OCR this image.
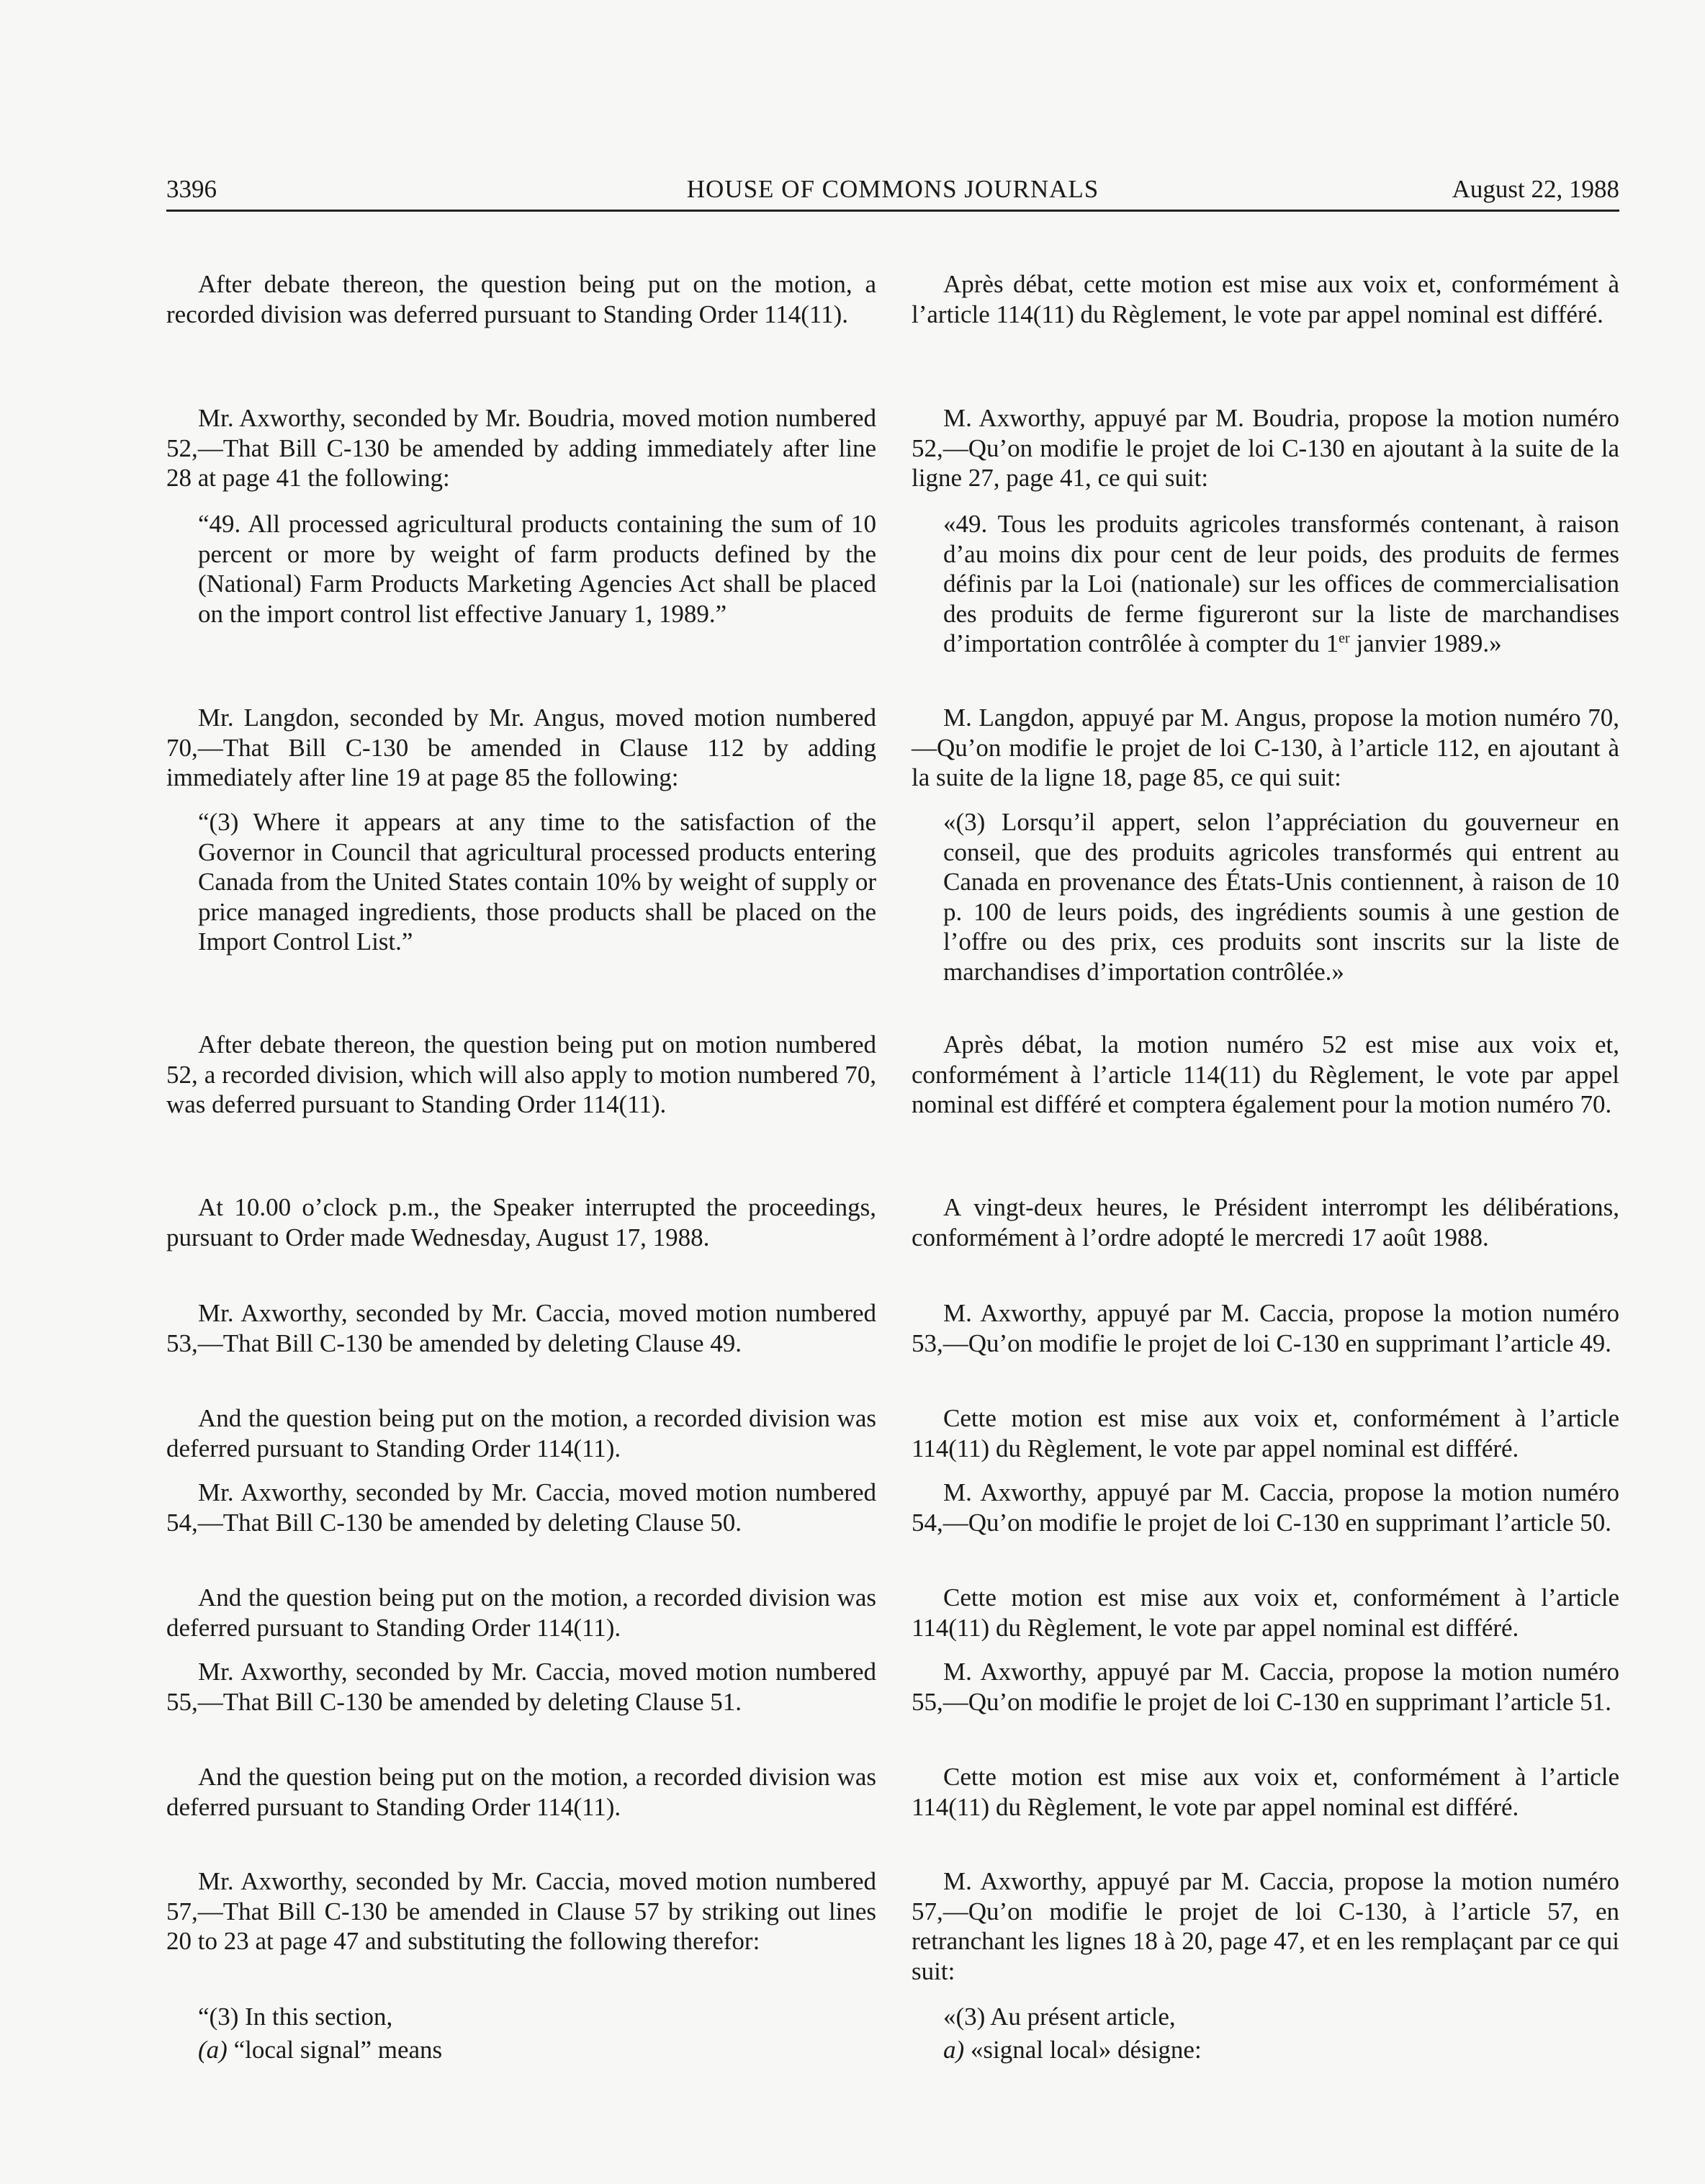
3396	HOUSE OF COMMONS JOURNALS	August 22, 1988

After debate thereon, the question being put on the motion, a recorded division was deferred pursuant to Standing Order 114(11).

Mr. Axworthy, seconded by Mr. Boudria, moved motion numbered 52,—That Bill C-130 be amended by adding immediately after line 28 at page 41 the following:

“49. All processed agricultural products containing the sum of 10 percent or more by weight of farm products defined by the (National) Farm Products Marketing Agencies Act shall be placed on the import control list effective January 1, 1989.”

Mr. Langdon, seconded by Mr. Angus, moved motion numbered 70,—That Bill C-130 be amended in Clause 112 by adding immediately after line 19 at page 85 the following:

“(3) Where it appears at any time to the satisfaction of the Governor in Council that agricultural processed products entering Canada from the United States contain 10% by weight of supply or price managed ingredients, those products shall be placed on the Import Control List.”

After debate thereon, the question being put on motion numbered 52, a recorded division, which will also apply to motion numbered 70, was deferred pursuant to Standing Order 114(11).

At 10.00 o’clock p.m., the Speaker interrupted the proceedings, pursuant to Order made Wednesday, August 17, 1988.

Mr. Axworthy, seconded by Mr. Caccia, moved motion numbered 53,—That Bill C-130 be amended by deleting Clause 49.

And the question being put on the motion, a recorded division was deferred pursuant to Standing Order 114(11).

Mr. Axworthy, seconded by Mr. Caccia, moved motion numbered 54,—That Bill C-130 be amended by deleting Clause 50.

And the question being put on the motion, a recorded division was deferred pursuant to Standing Order 114(11).

Mr. Axworthy, seconded by Mr. Caccia, moved motion numbered 55,—That Bill C-130 be amended by deleting Clause 51.

And the question being put on the motion, a recorded division was deferred pursuant to Standing Order 114(11).

Mr. Axworthy, seconded by Mr. Caccia, moved motion numbered 57,—That Bill C-130 be amended in Clause 57 by striking out lines 20 to 23 at page 47 and substituting the following therefor:

“(3) In this section,

(a) “local signal” means

Après débat, cette motion est mise aux voix et, conformément à l’article 114(11) du Règlement, le vote par appel nominal est différé.

M. Axworthy, appuyé par M. Boudria, propose la motion numéro 52,—Qu’on modifie le projet de loi C-130 en ajoutant à la suite de la ligne 27, page 41, ce qui suit:

«49. Tous les produits agricoles transformés contenant, à raison d’au moins dix pour cent de leur poids, des produits de fermes définis par la Loi (nationale) sur les offices de commercialisation des produits de ferme figureront sur la liste de marchandises d’importation contrôlée à compter du 1er janvier 1989.»

M. Langdon, appuyé par M. Angus, propose la motion numéro 70,—Qu’on modifie le projet de loi C-130, à l’article 112, en ajoutant à la suite de la ligne 18, page 85, ce qui suit:

«(3) Lorsqu’il appert, selon l’appréciation du gouverneur en conseil, que des produits agricoles transformés qui entrent au Canada en provenance des États-Unis contiennent, à raison de 10 p. 100 de leurs poids, des ingrédients soumis à une gestion de l’offre ou des prix, ces produits sont inscrits sur la liste de marchandises d’importation contrôlée.»

Après débat, la motion numéro 52 est mise aux voix et, conformément à l’article 114(11) du Règlement, le vote par appel nominal est différé et comptera également pour la motion numéro 70.

A vingt-deux heures, le Président interrompt les délibérations, conformément à l’ordre adopté le mercredi 17 août 1988.

M. Axworthy, appuyé par M. Caccia, propose la motion numéro 53,—Qu’on modifie le projet de loi C-130 en supprimant l’article 49.

Cette motion est mise aux voix et, conformément à l’article 114(11) du Règlement, le vote par appel nominal est différé.

M. Axworthy, appuyé par M. Caccia, propose la motion numéro 54,—Qu’on modifie le projet de loi C-130 en supprimant l’article 50.

Cette motion est mise aux voix et, conformément à l’article 114(11) du Règlement, le vote par appel nominal est différé.

M. Axworthy, appuyé par M. Caccia, propose la motion numéro 55,—Qu’on modifie le projet de loi C-130 en supprimant l’article 51.

Cette motion est mise aux voix et, conformément à l’article 114(11) du Règlement, le vote par appel nominal est différé.

M. Axworthy, appuyé par M. Caccia, propose la motion numéro 57,—Qu’on modifie le projet de loi C-130, à l’article 57, en retranchant les lignes 18 à 20, page 47, et en les remplaçant par ce qui suit:

«(3) Au présent article,

a) «signal local» désigne:
